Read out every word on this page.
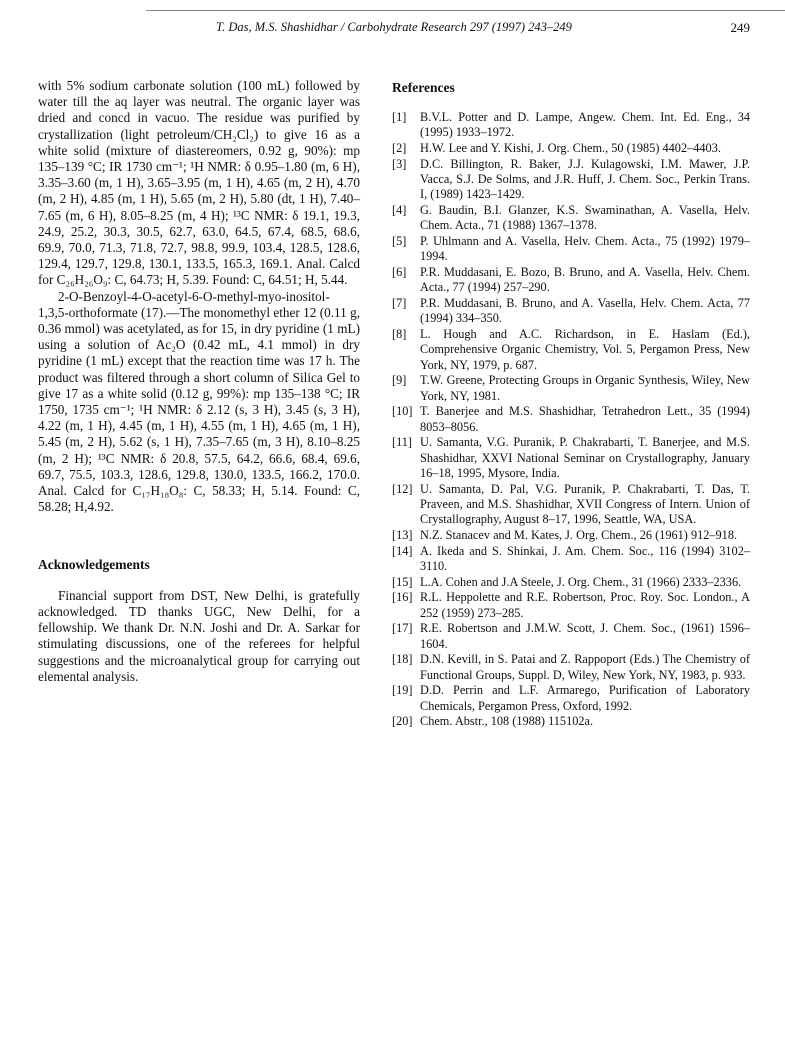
T. Das, M.S. Shashidhar / Carbohydrate Research 297 (1997) 243–249	249

with 5% sodium carbonate solution (100 mL) followed by water till the aq layer was neutral. The organic layer was dried and concd in vacuo. The residue was purified by crystallization (light petroleum/CH₂Cl₂) to give 16 as a white solid (mixture of diastereomers, 0.92 g, 90%): mp 135–139 °C; IR 1730 cm⁻¹; ¹H NMR: δ 0.95–1.80 (m, 6 H), 3.35–3.60 (m, 1 H), 3.65–3.95 (m, 1 H), 4.65 (m, 2 H), 4.70 (m, 2 H), 4.85 (m, 1 H), 5.65 (m, 2 H), 5.80 (dt, 1 H), 7.40–7.65 (m, 6 H), 8.05–8.25 (m, 4 H); ¹³C NMR: δ 19.1, 19.3, 24.9, 25.2, 30.3, 30.5, 62.7, 63.0, 64.5, 67.4, 68.5, 68.6, 69.9, 70.0, 71.3, 71.8, 72.7, 98.8, 99.9, 103.4, 128.5, 128.6, 129.4, 129.7, 129.8, 130.1, 133.5, 165.3, 169.1. Anal. Calcd for C₂₆H₂₆O₉: C, 64.73; H, 5.39. Found: C, 64.51; H, 5.44.

2-O-Benzoyl-4-O-acetyl-6-O-methyl-myo-inositol-1,3,5-orthoformate (17).—The monomethyl ether 12 (0.11 g, 0.36 mmol) was acetylated, as for 15, in dry pyridine (1 mL) using a solution of Ac₂O (0.42 mL, 4.1 mmol) in dry pyridine (1 mL) except that the reaction time was 17 h. The product was filtered through a short column of Silica Gel to give 17 as a white solid (0.12 g, 99%): mp 135–138 °C; IR 1750, 1735 cm⁻¹; ¹H NMR: δ 2.12 (s, 3 H), 3.45 (s, 3 H), 4.22 (m, 1 H), 4.45 (m, 1 H), 4.55 (m, 1 H), 4.65 (m, 1 H), 5.45 (m, 2 H), 5.62 (s, 1 H), 7.35–7.65 (m, 3 H), 8.10–8.25 (m, 2 H); ¹³C NMR: δ 20.8, 57.5, 64.2, 66.6, 68.4, 69.6, 69.7, 75.5, 103.3, 128.6, 129.8, 130.0, 133.5, 166.2, 170.0. Anal. Calcd for C₁₇H₁₈O₈: C, 58.33; H, 5.14. Found: C, 58.28; H,4.92.

Acknowledgements

Financial support from DST, New Delhi, is gratefully acknowledged. TD thanks UGC, New Delhi, for a fellowship. We thank Dr. N.N. Joshi and Dr. A. Sarkar for stimulating discussions, one of the referees for helpful suggestions and the microanalytical group for carrying out elemental analysis.

References
[1]	B.V.L. Potter and D. Lampe, Angew. Chem. Int. Ed. Eng., 34 (1995) 1933–1972.
[2]	H.W. Lee and Y. Kishi, J. Org. Chem., 50 (1985) 4402–4403.
[3]	D.C. Billington, R. Baker, J.J. Kulagowski, I.M. Mawer, J.P. Vacca, S.J. De Solms, and J.R. Huff, J. Chem. Soc., Perkin Trans. I, (1989) 1423–1429.
[4]	G. Baudin, B.I. Glanzer, K.S. Swaminathan, A. Vasella, Helv. Chem. Acta., 71 (1988) 1367–1378.
[5]	P. Uhlmann and A. Vasella, Helv. Chem. Acta., 75 (1992) 1979–1994.
[6]	P.R. Muddasani, E. Bozo, B. Bruno, and A. Vasella, Helv. Chem. Acta., 77 (1994) 257–290.
[7]	P.R. Muddasani, B. Bruno, and A. Vasella, Helv. Chem. Acta, 77 (1994) 334–350.
[8]	L. Hough and A.C. Richardson, in E. Haslam (Ed.), Comprehensive Organic Chemistry, Vol. 5, Pergamon Press, New York, NY, 1979, p. 687.
[9]	T.W. Greene, Protecting Groups in Organic Synthesis, Wiley, New York, NY, 1981.
[10] T. Banerjee and M.S. Shashidhar, Tetrahedron Lett., 35 (1994) 8053–8056.
[11] U. Samanta, V.G. Puranik, P. Chakrabarti, T. Banerjee, and M.S. Shashidhar, XXVI National Seminar on Crystallography, January 16–18, 1995, Mysore, India.
[12] U. Samanta, D. Pal, V.G. Puranik, P. Chakrabarti, T. Das, T. Praveen, and M.S. Shashidhar, XVII Congress of Intern. Union of Crystallography, August 8–17, 1996, Seattle, WA, USA.
[13] N.Z. Stanacev and M. Kates, J. Org. Chem., 26 (1961) 912–918.
[14] A. Ikeda and S. Shinkai, J. Am. Chem. Soc., 116 (1994) 3102–3110.
[15] L.A. Cohen and J.A Steele, J. Org. Chem., 31 (1966) 2333–2336.
[16] R.L. Heppolette and R.E. Robertson, Proc. Roy. Soc. London., A 252 (1959) 273–285.
[17] R.E. Robertson and J.M.W. Scott, J. Chem. Soc., (1961) 1596–1604.
[18] D.N. Kevill, in S. Patai and Z. Rappoport (Eds.) The Chemistry of Functional Groups, Suppl. D, Wiley, New York, NY, 1983, p. 933.
[19] D.D. Perrin and L.F. Armarego, Purification of Laboratory Chemicals, Pergamon Press, Oxford, 1992.
[20] Chem. Abstr., 108 (1988) 115102a.
